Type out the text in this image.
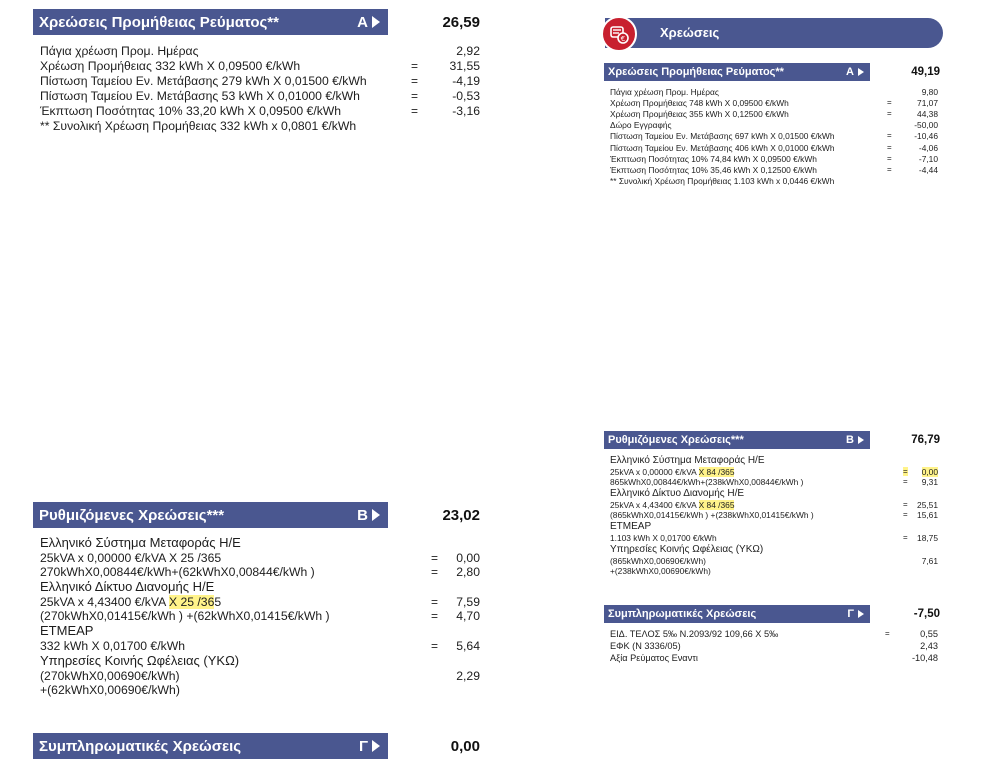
Χρεώσεις Προμήθειας Ρεύματος**	Α	26,59
Πάγια χρέωση Προμ. Ημέρας	2,92
Χρέωση Προμήθειας 332 kWh X 0,09500 €/kWh	=	31,55
Πίστωση Ταμείου Εν. Μετάβασης 279 kWh X 0,01500 €/kWh	=	-4,19
Πίστωση Ταμείου Εν. Μετάβασης 53 kWh X 0,01000 €/kWh	=	-0,53
Έκπτωση Ποσότητας 10% 33,20 kWh X 0,09500 €/kWh	=	-3,16
** Συνολική Χρέωση Προμήθειας 332 kWh x 0,0801 €/kWh
Ρυθμιζόμενες Χρεώσεις***	Β	23,02
Ελληνικό Σύστημα Μεταφοράς Η/Ε
25kVA x 0,00000 €/kVA X 25 /365	=	0,00
270kWhX0,00844€/kWh+(62kWhX0,00844€/kWh )	=	2,80
Ελληνικό Δίκτυο Διανομής Η/Ε
25kVA x 4,43400 €/kVA X 25 /365	=	7,59
(270kWhX0,01415€/kWh ) +(62kWhX0,01415€/kWh )	=	4,70
ΕΤΜΕΑΡ
332 kWh X 0,01700 €/kWh	=	5,64
Υπηρεσίες Κοινής Ωφέλειας (ΥΚΩ)
(270kWhX0,00690€/kWh)	2,29
+(62kWhX0,00690€/kWh)
Συμπληρωματικές Χρεώσεις	Γ	0,00
Χρεώσεις
€
Χρεώσεις Προμήθειας Ρεύματος**	Α	49,19
Πάγια χρέωση Προμ. Ημέρας	9,80
Χρέωση Προμήθειας 748 kWh X 0,09500 €/kWh	=	71,07
Χρέωση Προμήθειας 355 kWh X 0,12500 €/kWh	=	44,38
Δώρο Εγγραφής	-50,00
Πίστωση Ταμείου Εν. Μετάβασης 697 kWh X 0,01500 €/kWh	=	-10,46
Πίστωση Ταμείου Εν. Μετάβασης 406 kWh X 0,01000 €/kWh	=	-4,06
Έκπτωση Ποσότητας 10% 74,84 kWh X 0,09500 €/kWh	=	-7,10
Έκπτωση Ποσότητας 10% 35,46 kWh X 0,12500 €/kWh	=	-4,44
** Συνολική Χρέωση Προμήθειας 1.103 kWh x 0,0446 €/kWh
Ρυθμιζόμενες Χρεώσεις***	Β	76,79
Ελληνικό Σύστημα Μεταφοράς Η/Ε
25kVA x 0,00000 €/kVA X 84 /365	=	0,00
865kWhX0,00844€/kWh+(238kWhX0,00844€/kWh )	=	9,31
Ελληνικό Δίκτυο Διανομής Η/Ε
25kVA x 4,43400 €/kVA X 84 /365	=	25,51
(865kWhX0,01415€/kWh ) +(238kWhX0,01415€/kWh )	=	15,61
ΕΤΜΕΑΡ
1.103 kWh X 0,01700 €/kWh	=	18,75
Υπηρεσίες Κοινής Ωφέλειας (ΥΚΩ)
(865kWhX0,00690€/kWh)	7,61
+(238kWhX0,00690€/kWh)
Συμπληρωματικές Χρεώσεις	Γ	-7,50
ΕΙΔ. ΤΕΛΟΣ 5‰ Ν.2093/92 109,66 X 5‰	=	0,55
ΕΦΚ (Ν 3336/05)	2,43
Αξία Ρεύματος Εναντι	-10,48
